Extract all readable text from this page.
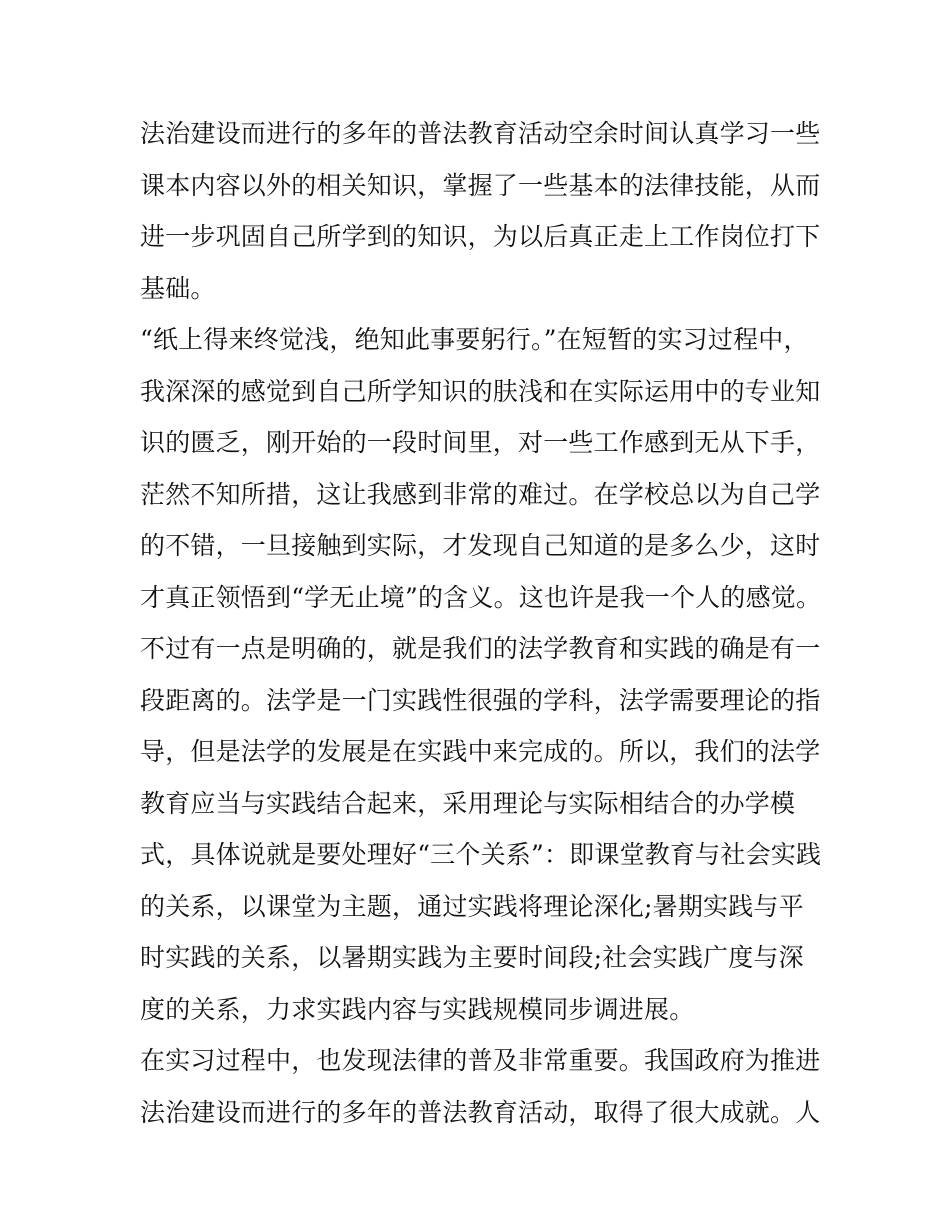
法治建设而进行的多年的普法教育活动空余时间认真学习一些
课本内容以外的相关知识，掌握了一些基本的法律技能，从而
进一步巩固自己所学到的知识，为以后真正走上工作岗位打下
基础。
“纸上得来终觉浅，绝知此事要躬行。”在短暂的实习过程中，
我深深的感觉到自己所学知识的肤浅和在实际运用中的专业知
识的匮乏，刚开始的一段时间里，对一些工作感到无从下手，
茫然不知所措，这让我感到非常的难过。在学校总以为自己学
的不错，一旦接触到实际，才发现自己知道的是多么少，这时
才真正领悟到“学无止境”的含义。这也许是我一个人的感觉。
不过有一点是明确的，就是我们的法学教育和实践的确是有一
段距离的。法学是一门实践性很强的学科，法学需要理论的指
导，但是法学的发展是在实践中来完成的。所以，我们的法学
教育应当与实践结合起来，采用理论与实际相结合的办学模
式，具体说就是要处理好“三个关系”：即课堂教育与社会实践
的关系，以课堂为主题，通过实践将理论深化;暑期实践与平
时实践的关系，以暑期实践为主要时间段;社会实践广度与深
度的关系，力求实践内容与实践规模同步调进展。
在实习过程中，也发现法律的普及非常重要。我国政府为推进
法治建设而进行的多年的普法教育活动，取得了很大成就。人
